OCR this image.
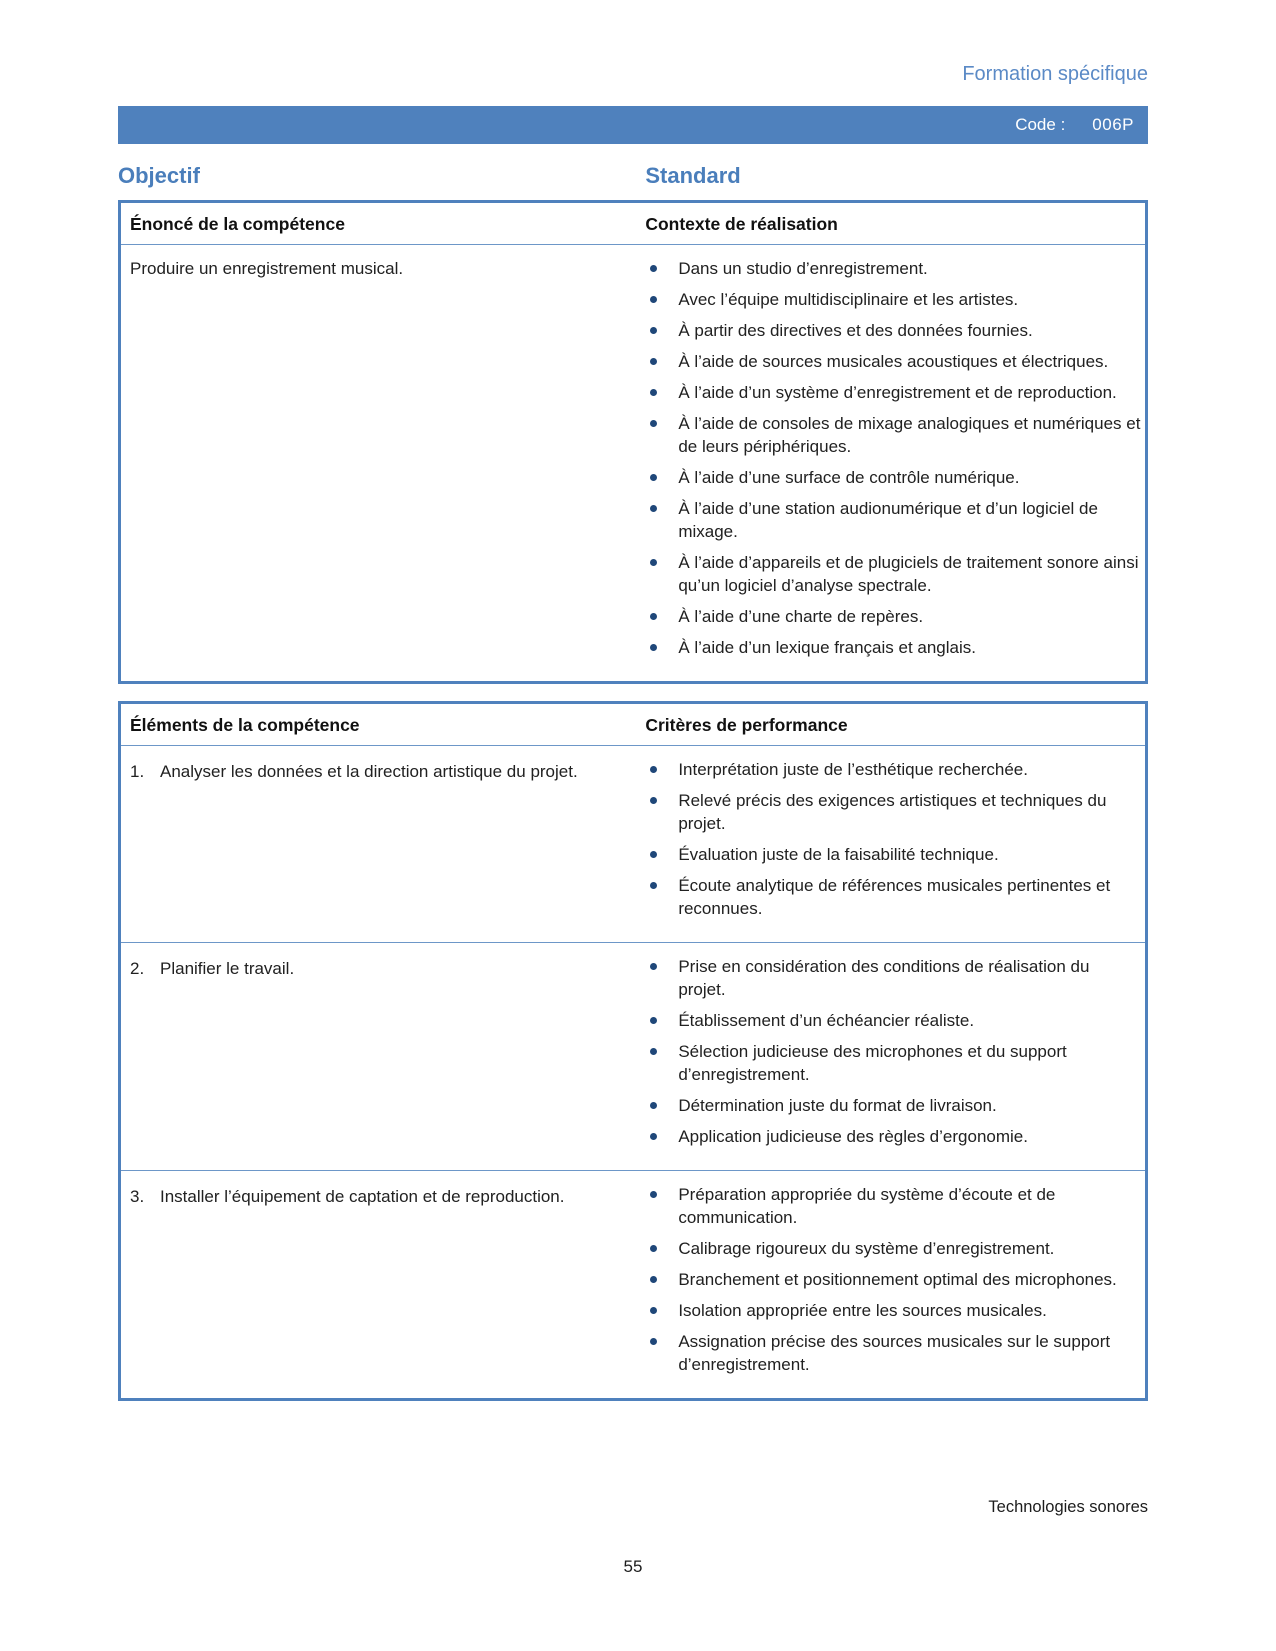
Formation spécifique
Code : 006P
Objectif	Standard
Énoncé de la compétence	Contexte de réalisation

Produire un enregistrement musical.	Dans un studio d’enregistrement.
Avec l’équipe multidisciplinaire et les artistes.
À partir des directives et des données fournies.
À l’aide de sources musicales acoustiques et électriques.
À l’aide d’un système d’enregistrement et de reproduction.
À l’aide de consoles de mixage analogiques et numériques et de leurs périphériques.
À l’aide d’une surface de contrôle numérique.
À l’aide d’une station audionumérique et d’un logiciel de mixage.
À l’aide d’appareils et de plugiciels de traitement sonore ainsi qu’un logiciel d’analyse spectrale.
À l’aide d’une charte de repères.
À l’aide d’un lexique français et anglais.
Éléments de la compétence	Critères de performance

1. Analyser les données et la direction artistique du projet.	Interprétation juste de l’esthétique recherchée.
Relevé précis des exigences artistiques et techniques du projet.
Évaluation juste de la faisabilité technique.
Écoute analytique de références musicales pertinentes et reconnues.

2. Planifier le travail.	Prise en considération des conditions de réalisation du projet.
Établissement d’un échéancier réaliste.
Sélection judicieuse des microphones et du support d’enregistrement.
Détermination juste du format de livraison.
Application judicieuse des règles d’ergonomie.

3. Installer l’équipement de captation et de reproduction.	Préparation appropriée du système d’écoute et de communication.
Calibrage rigoureux du système d’enregistrement.
Branchement et positionnement optimal des microphones.
Isolation appropriée entre les sources musicales.
Assignation précise des sources musicales sur le support d’enregistrement.
Technologies sonores
55
